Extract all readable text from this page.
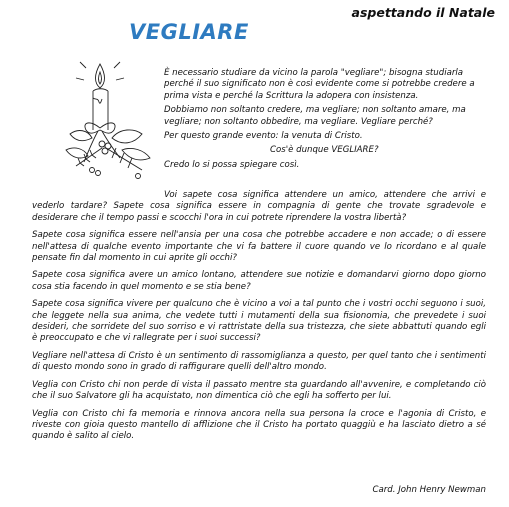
aspettando il Natale
VEGLIARE

È necessario studiare da vicino la parola "vegliare"; bisogna studiarla perché il suo significato non è così evidente come si potrebbe credere a prima vista e perché la Scrittura la adopera con insistenza.

Dobbiamo non soltanto credere, ma vegliare; non soltanto amare, ma vegliare; non soltanto obbedire, ma vegliare. Vegliare perché?

Per questo grande evento: la venuta di Cristo.

Cos'è dunque VEGLIARE?

Credo lo si possa spiegare così.

Voi sapete cosa significa attendere un amico, attendere che arrivi e vederlo tardare? Sapete cosa significa essere in compagnia di gente che trovate sgradevole e desiderare che il tempo passi e scocchi l'ora in cui potrete riprendere la vostra libertà?

Sapete cosa significa essere nell'ansia per una cosa che potrebbe accadere e non accade; o di essere nell'attesa di qualche evento importante che vi fa battere il cuore quando ve lo ricordano e al quale pensate fin dal momento in cui aprite gli occhi?

Sapete cosa significa avere un amico lontano, attendere sue notizie e domandarvi giorno dopo giorno cosa stia facendo in quel momento e se stia bene?

Sapete cosa significa vivere per qualcuno che è vicino a voi a tal punto che i vostri occhi seguono i suoi, che leggete nella sua anima, che vedete tutti i mutamenti della sua fisionomia, che prevedete i suoi desideri, che sorridete del suo sorriso e vi rattristate della sua tristezza, che siete abbattuti quando egli è preoccupato e che vi rallegrate per i suoi successi?

Vegliare nell'attesa di Cristo è un sentimento di rassomiglianza a questo, per quel tanto che i sentimenti di questo mondo sono in grado di raffigurare quelli dell'altro mondo.

Veglia con Cristo chi non perde di vista il passato mentre sta guardando all'avvenire, e completando ciò che il suo Salvatore gli ha acquistato, non dimentica ciò che egli ha sofferto per lui.

Veglia con Cristo chi fa memoria e rinnova ancora nella sua persona la croce e l'agonia di Cristo, e riveste con gioia questo mantello di afflizione che il Cristo ha portato quaggiù e ha lasciato dietro a sé quando è salito al cielo.

Card. John Henry Newman
